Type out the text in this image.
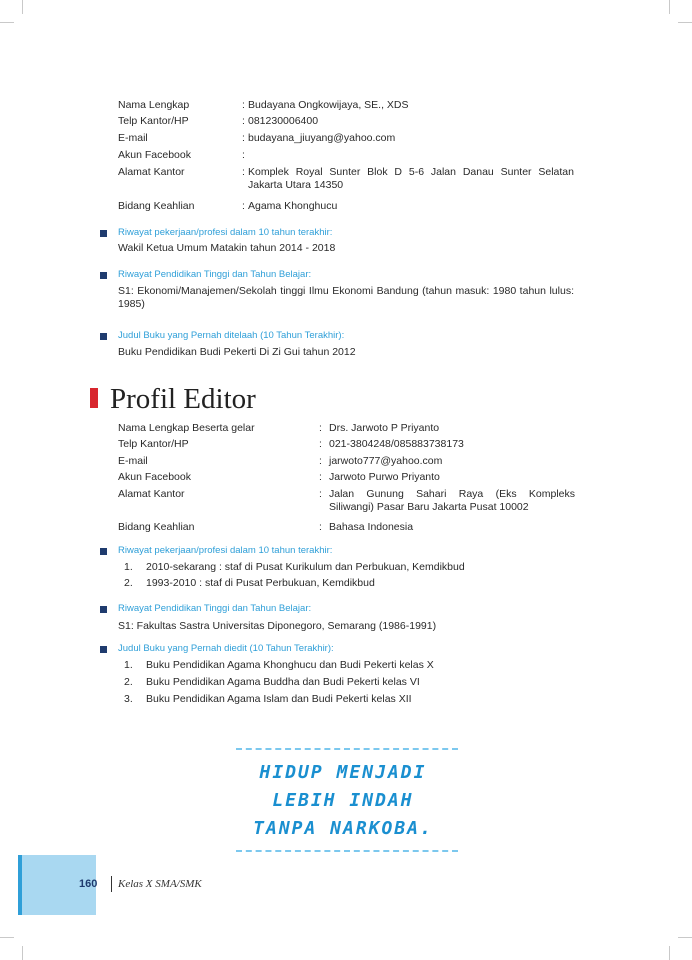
Nama Lengkap	: Budayana Ongkowijaya, SE., XDS
Telp Kantor/HP	: 081230006400
E-mail	: budayana_jiuyang@yahoo.com
Akun Facebook	:
Alamat Kantor	: Komplek Royal Sunter Blok D 5-6 Jalan Danau Sunter Selatan Jakarta Utara 14350
Bidang Keahlian	: Agama Khonghucu
Riwayat pekerjaan/profesi dalam 10 tahun terakhir:
Wakil Ketua Umum Matakin tahun 2014 - 2018
Riwayat Pendidikan Tinggi dan Tahun Belajar:
S1: Ekonomi/Manajemen/Sekolah tinggi Ilmu Ekonomi Bandung (tahun masuk: 1980 tahun lulus: 1985)
Judul Buku yang Pernah ditelaah (10 Tahun Terakhir):
Buku Pendidikan Budi Pekerti Di Zi Gui tahun 2012
Profil Editor
Nama Lengkap Beserta gelar	: Drs. Jarwoto P Priyanto
Telp Kantor/HP	: 021-3804248/085883738173
E-mail	: jarwoto777@yahoo.com
Akun Facebook	: Jarwoto Purwo Priyanto
Alamat Kantor	: Jalan Gunung Sahari Raya (Eks Kompleks Siliwangi) Pasar Baru Jakarta Pusat 10002
Bidang Keahlian	: Bahasa Indonesia
Riwayat pekerjaan/profesi dalam 10 tahun terakhir:
1. 2010-sekarang : staf di Pusat Kurikulum dan Perbukuan, Kemdikbud
2. 1993-2010 : staf di Pusat Perbukuan, Kemdikbud
Riwayat Pendidikan Tinggi dan Tahun Belajar:
S1: Fakultas Sastra Universitas Diponegoro, Semarang (1986-1991)
Judul Buku yang Pernah diedit (10 Tahun Terakhir):
1. Buku Pendidikan Agama Khonghucu dan Budi Pekerti kelas X
2. Buku Pendidikan Agama Buddha dan Budi Pekerti kelas VI
3. Buku Pendidikan Agama Islam dan Budi Pekerti kelas XII
HIDUP MENJADI
LEBIH INDAH
TANPA NARKOBA.
160 Kelas X SMA/SMK
